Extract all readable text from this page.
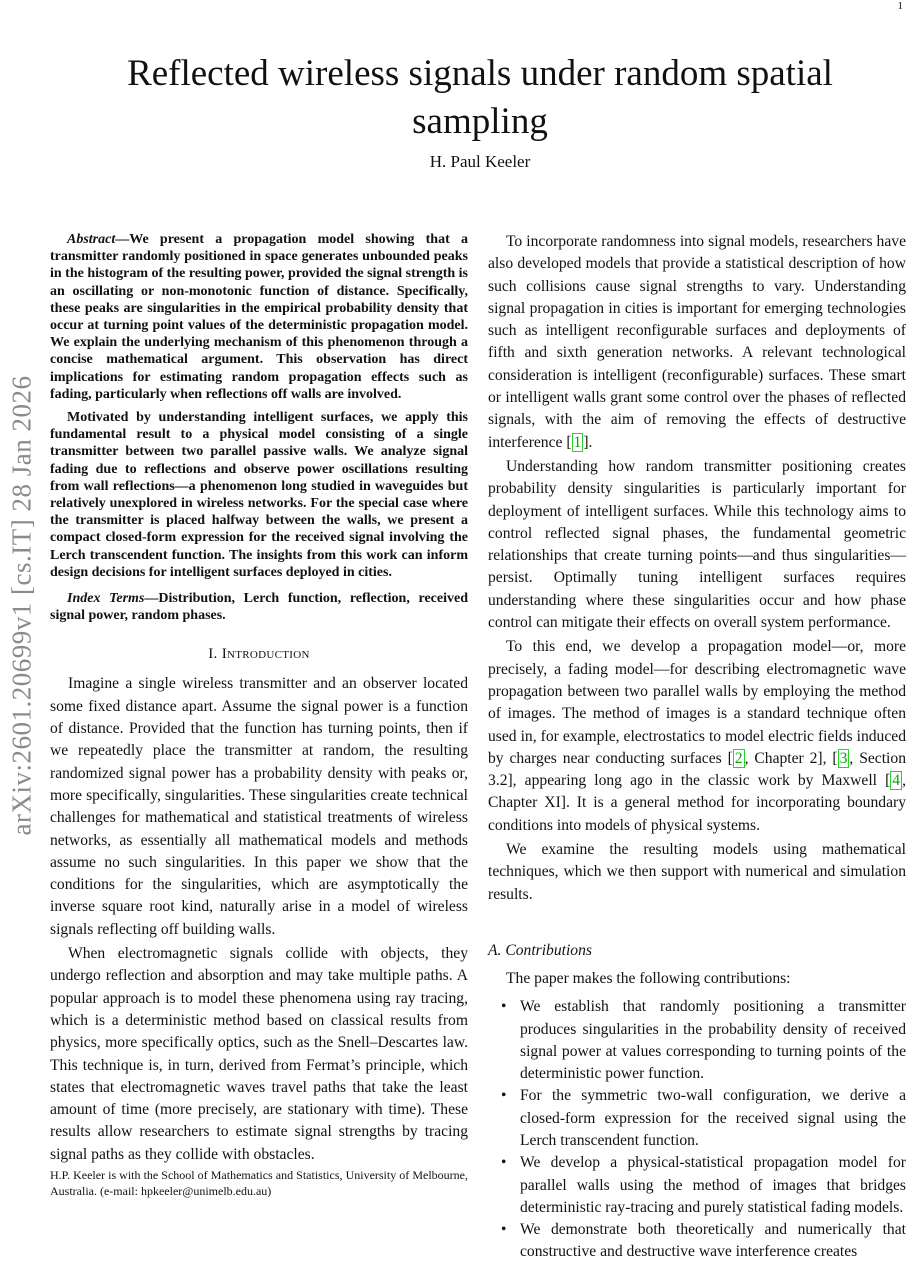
1
arXiv:2601.20699v1 [cs.IT] 28 Jan 2026
Reflected wireless signals under random spatial sampling
H. Paul Keeler

Abstract—We present a propagation model showing that a transmitter randomly positioned in space generates unbounded peaks in the histogram of the resulting power, provided the signal strength is an oscillating or non-monotonic function of distance. Specifically, these peaks are singularities in the empirical probability density that occur at turning point values of the deterministic propagation model. We explain the underlying mechanism of this phenomenon through a concise mathematical argument. This observation has direct implications for estimating random propagation effects such as fading, particularly when reflections off walls are involved.

Motivated by understanding intelligent surfaces, we apply this fundamental result to a physical model consisting of a single transmitter between two parallel passive walls. We analyze signal fading due to reflections and observe power oscillations resulting from wall reflections—a phenomenon long studied in waveguides but relatively unexplored in wireless networks. For the special case where the transmitter is placed halfway between the walls, we present a compact closed-form expression for the received signal involving the Lerch transcendent function. The insights from this work can inform design decisions for intelligent surfaces deployed in cities.

Index Terms—Distribution, Lerch function, reflection, received signal power, random phases.

I. Introduction

Imagine a single wireless transmitter and an observer located some fixed distance apart. Assume the signal power is a function of distance. Provided that the function has turning points, then if we repeatedly place the transmitter at random, the resulting randomized signal power has a probability density with peaks or, more specifically, singularities. These singularities create technical challenges for mathematical and statistical treatments of wireless networks, as essentially all mathematical models and methods assume no such singularities. In this paper we show that the conditions for the singularities, which are asymptotically the inverse square root kind, naturally arise in a model of wireless signals reflecting off building walls.

When electromagnetic signals collide with objects, they undergo reflection and absorption and may take multiple paths. A popular approach is to model these phenomena using ray tracing, which is a deterministic method based on classical results from physics, more specifically optics, such as the Snell–Descartes law. This technique is, in turn, derived from Fermat’s principle, which states that electromagnetic waves travel paths that take the least amount of time (more precisely, are stationary with time). These results allow researchers to estimate signal strengths by tracing signal paths as they collide with obstacles.

To incorporate randomness into signal models, researchers have also developed models that provide a statistical description of how such collisions cause signal strengths to vary. Understanding signal propagation in cities is important for emerging technologies such as intelligent reconfigurable surfaces and deployments of fifth and sixth generation networks. A relevant technological consideration is intelligent (reconfigurable) surfaces. These smart or intelligent walls grant some control over the phases of reflected signals, with the aim of removing the effects of destructive interference [ 1 ].

Understanding how random transmitter positioning creates probability density singularities is particularly important for deployment of intelligent surfaces. While this technology aims to control reflected signal phases, the fundamental geometric relationships that create turning points—and thus singularities—persist. Optimally tuning intelligent surfaces requires understanding where these singularities occur and how phase control can mitigate their effects on overall system performance.

To this end, we develop a propagation model—or, more precisely, a fading model—for describing electromagnetic wave propagation between two parallel walls by employing the method of images. The method of images is a standard technique often used in, for example, electrostatics to model electric fields induced by charges near conducting surfaces [ 2 , Chapter 2], [ 3 , Section 3.2], appearing long ago in the classic work by Maxwell [ 4 , Chapter XI]. It is a general method for incorporating boundary conditions into models of physical systems.

We examine the resulting models using mathematical techniques, which we then support with numerical and simulation results.

A. Contributions

The paper makes the following contributions:

• We establish that randomly positioning a transmitter produces singularities in the probability density of received signal power at values corresponding to turning points of the deterministic power function.
• For the symmetric two-wall configuration, we derive a closed-form expression for the received signal using the Lerch transcendent function.
• We develop a physical-statistical propagation model for parallel walls using the method of images that bridges deterministic ray-tracing and purely statistical fading models.
• We demonstrate both theoretically and numerically that constructive and destructive wave interference creates
H.P. Keeler is with the School of Mathematics and Statistics, University of Melbourne, Australia. (e-mail: hpkeeler@unimelb.edu.au)
